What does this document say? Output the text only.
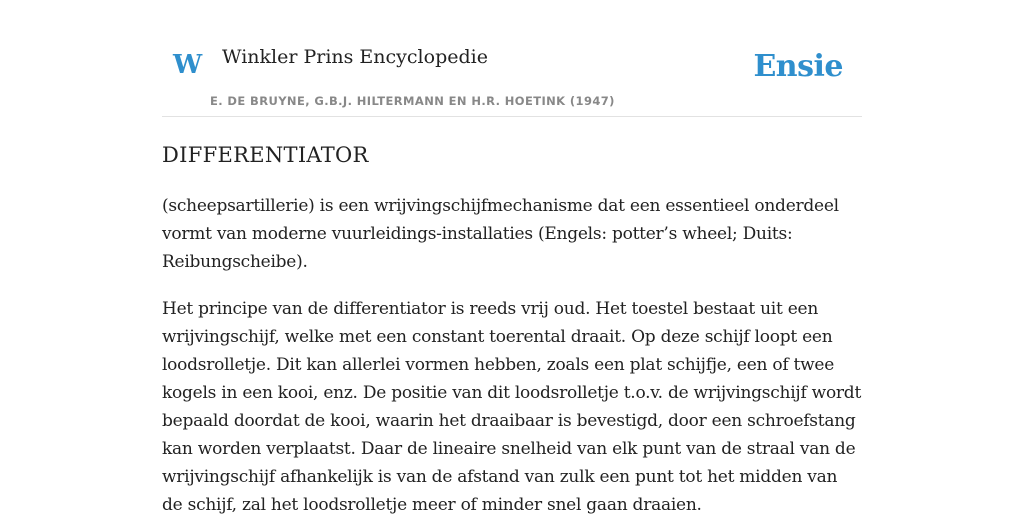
W Winkler Prins Encyclopedie
E. DE BRUYNE, G.B.J. HILTERMANN EN H.R. HOETINK (1947)
Ensie
DIFFERENTIATOR

(scheepsartillerie) is een wrijvingschijfmechanisme dat een essentieel onderdeel vormt van moderne vuurleidings-installaties (Engels: potter’s wheel; Duits: Reibungscheibe).

Het principe van de differentiator is reeds vrij oud. Het toestel bestaat uit een wrijvingschijf, welke met een constant toerental draait. Op deze schijf loopt een loodsrolletje. Dit kan allerlei vormen hebben, zoals een plat schijfje, een of twee kogels in een kooi, enz. De positie van dit loodsrolletje t.o.v. de wrijvingschijf wordt bepaald doordat de kooi, waarin het draaibaar is bevestigd, door een schroefstang kan worden verplaatst. Daar de lineaire snelheid van elk punt van de straal van de wrijvingschijf afhankelijk is van de afstand van zulk een punt tot het midden van de schijf, zal het loodsrolletje meer of minder snel gaan draaien.
